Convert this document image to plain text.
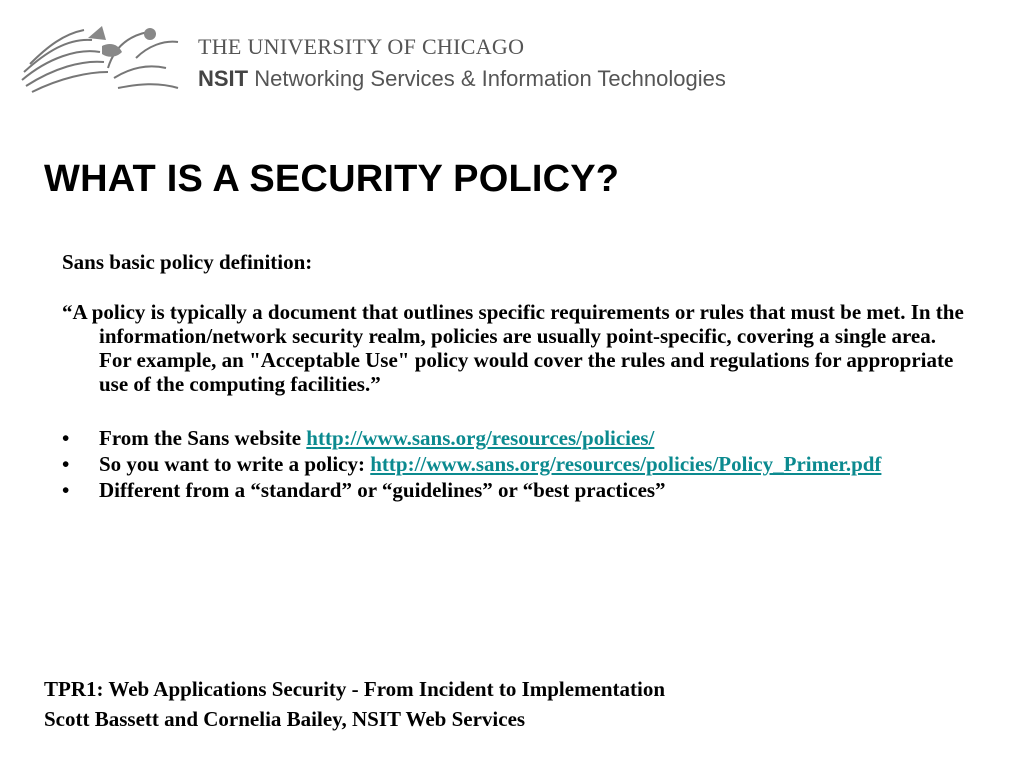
THE UNIVERSITY OF CHICAGO
NSIT Networking Services & Information Technologies
WHAT IS A SECURITY POLICY?

Sans basic policy definition:

“A policy is typically a document that outlines specific requirements or rules that must be met. In the information/network security realm, policies are usually point-specific, covering a single area. For example, an "Acceptable Use" policy would cover the rules and regulations for appropriate use of the computing facilities.”

• From the Sans website http://www.sans.org/resources/policies/
• So you want to write a policy: http://www.sans.org/resources/policies/Policy_Primer.pdf
• Different from a “standard” or “guidelines” or “best practices”
TPR1: Web Applications Security - From Incident to Implementation
Scott Bassett and Cornelia Bailey, NSIT Web Services
